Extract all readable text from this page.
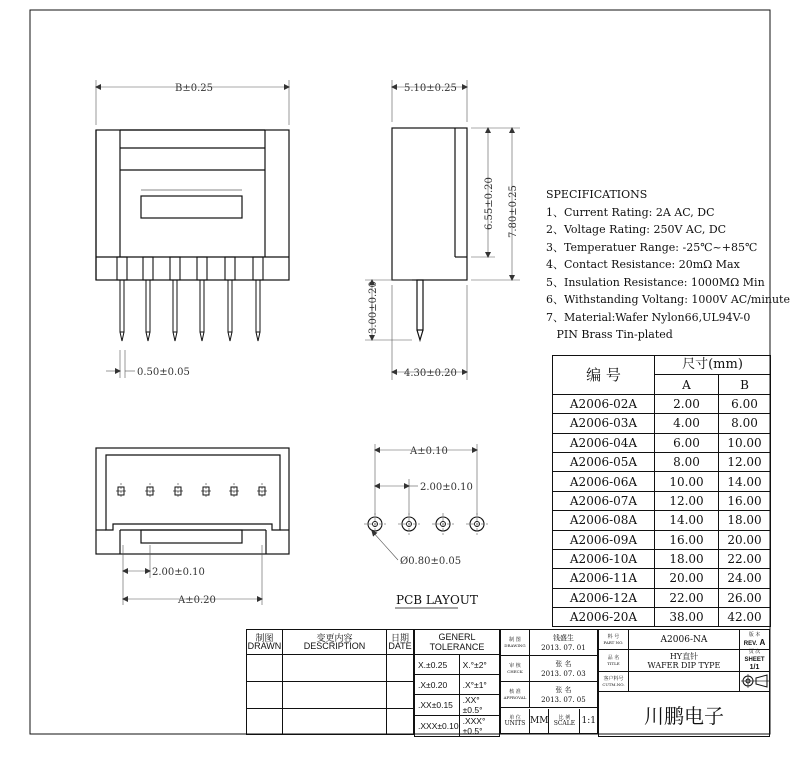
B±0.25
0.50±0.05
5.10±0.25
6.55±0.20 7.80±0.25
3.00±0.20
4.30±0.20
2.00±0.10
A±0.20
A±0.10
2.00±0.10
Ø0.80±0.05
PCB LAYOUT
SPECIFICATIONS
1、Current Rating: 2A AC, DC
2、Voltage Rating: 250V AC, DC
3、Temperatuer Range: -25℃~+85℃
4、Contact Resistance: 20mΩ Max
5、Insulation Resistance: 1000MΩ Min
6、Withstanding Voltang: 1000V AC/minute
7、Material:Wafer Nylon66,UL94V-0
PIN Brass Tin-plated
编 号	尺寸(mm)	
	A	B
A2006-02A	2.00	6.00
A2006-03A	4.00	8.00
A2006-04A	6.00	10.00
A2006-05A	8.00	12.00
A2006-06A	10.00	14.00
A2006-07A	12.00	16.00
A2006-08A	14.00	18.00
A2006-09A	16.00	20.00
A2006-10A	18.00	22.00
A2006-11A	20.00	24.00
A2006-12A	22.00	26.00
A2006-20A	38.00	42.00
制图
DRAWN	变更内容
DESCRIPTION	日期
DATE

GENERL TOLERANCE	
X.±0.25	X.°±2°
.X±0.20	.X°±1°
.XX±0.15	.XX°±0.5°
.XXX±0.10	.XXX°±0.5°
制 图
DRAWING
	钱盛生
2013. 07. 01

审 核
CHECK
	张 名
2013. 07. 03

核 准
APPROVAL
	张 名
2013. 07. 05

单 位
UNITS	MM	比 例
SCALE	1:1
料 号
PART NO.	A2006-NA	版 本
REV. A

品 名
TITLE	HY直针
WAFER DIP TYPE	页 次
SHEET 1/1

客户料号
CUTM.NO.

川鹏电子		
